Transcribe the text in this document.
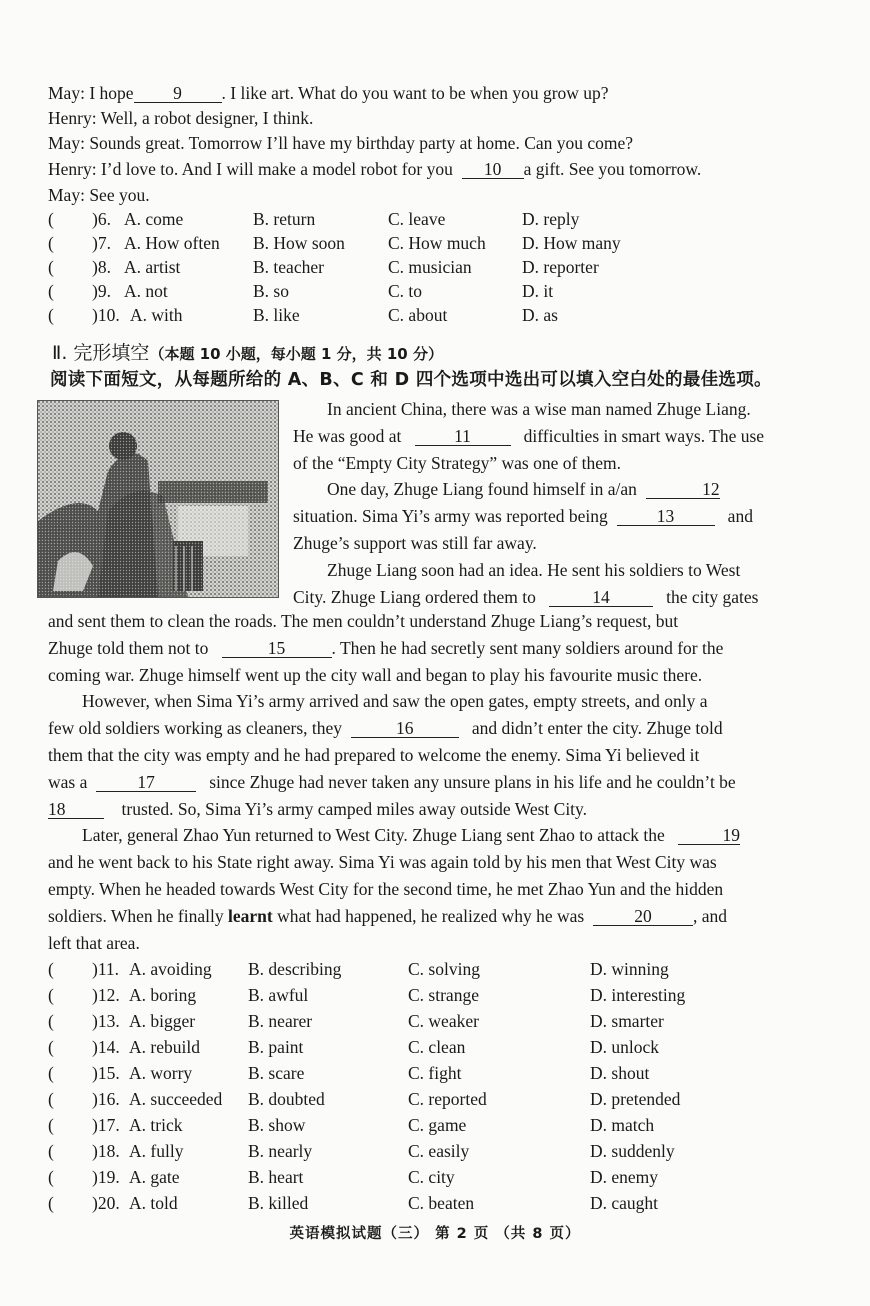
May: I hope 9 . I like art. What do you want to be when you grow up?
Henry: Well, a robot designer, I think.
May: Sounds great. Tomorrow I’ll have my birthday party at home. Can you come?
Henry: I’d love to. And I will make a model robot for you 10 a gift. See you tomorrow.
May: See you.
( )6. A. come	B. return	C. leave	D. reply
( )7. A. How often B. How soon C. How much D. How many
( )8. A. artist	B. teacher	C. musician	D. reporter
( )9. A. not	B. so	C. to	D. it
( )10. A. with	B. like	C. about	D. as
Ⅱ. 完形填空（本题 10 小题，每小题 1 分，共 10 分）
阅读下面短文，从每题所给的 A、B、C 和 D 四个选项中选出可以填入空白处的最佳选项。
In ancient China, there was a wise man named Zhuge Liang.
He was good at	11	difficulties in smart ways. The use
of the “Empty City Strategy” was one of them.
One day, Zhuge Liang found himself in a/an	12
situation. Sima Yi’s army was reported being	13	and
Zhuge’s support was still far away.
Zhuge Liang soon had an idea. He sent his soldiers to West
City. Zhuge Liang ordered them to	14	the city gates
and sent them to clean the roads. The men couldn’t understand Zhuge Liang’s request, but
Zhuge told them not to	15	. Then he had secretly sent many soldiers around for the
coming war. Zhuge himself went up the city wall and began to play his favourite music there.
However, when Sima Yi’s army arrived and saw the open gates, empty streets, and only a
few old soldiers working as cleaners, they	16	and didn’t enter the city. Zhuge told
them that the city was empty and he had prepared to welcome the enemy. Sima Yi believed it
was a	17	since Zhuge had never taken any unsure plans in his life and he couldn’t be
18	trusted. So, Sima Yi’s army camped miles away outside West City.
Later, general Zhao Yun returned to West City. Zhuge Liang sent Zhao to attack the	19
and he went back to his State right away. Sima Yi was again told by his men that West City was
empty. When he headed towards West City for the second time, he met Zhao Yun and the hidden
soldiers. When he finally learnt what had happened, he realized why he was	20 , and
left that area.
( )11. A. avoiding B. describing	C. solving	D. winning
( )12. A. boring	B. awful	C. strange	D. interesting
( )13. A. bigger	B. nearer	C. weaker	D. smarter
( )14. A. rebuild	B. paint	C. clean	D. unlock
( )15. A. worry	B. scare	C. fight	D. shout
( )16. A. succeeded B. doubted	C. reported	D. pretended
( )17. A. trick	B. show	C. game	D. match
( )18. A. fully	B. nearly	C. easily	D. suddenly
( )19. A. gate	B. heart	C. city	D. enemy
( )20. A. told	B. killed	C. beaten	D. caught
英语模拟试题（三） 第 2 页 （共 8 页）
